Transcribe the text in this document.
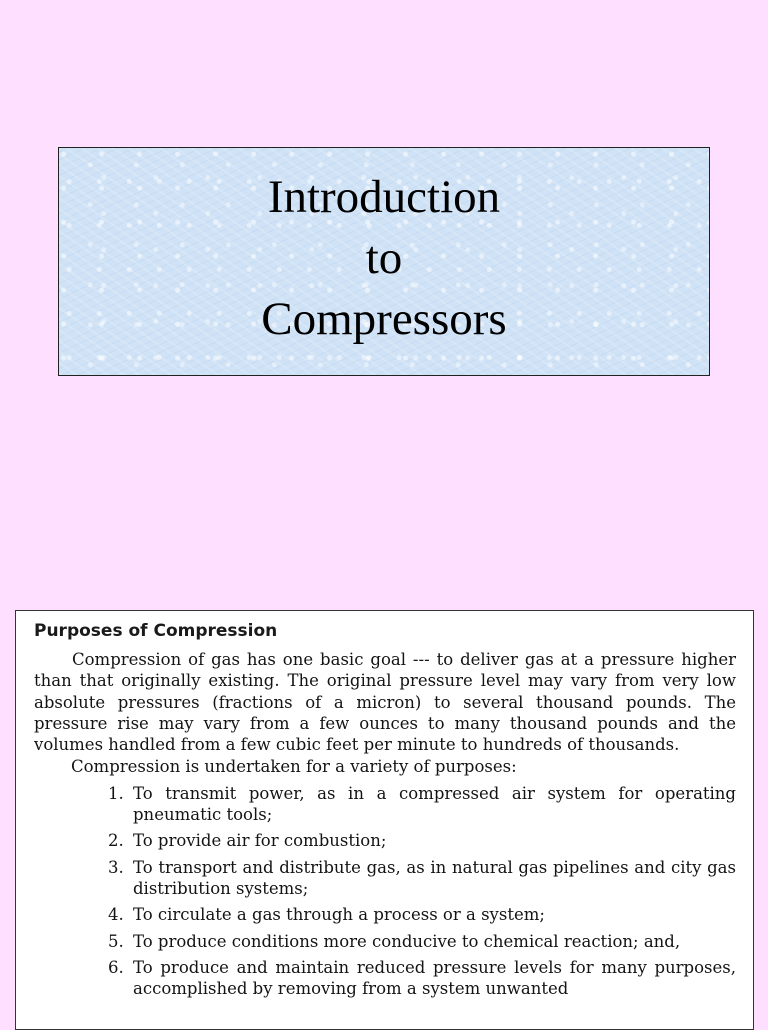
Introduction
to
Compressors
Purposes of Compression

Compression of gas has one basic goal --- to deliver gas at a pressure higher than that originally existing. The original pressure level may vary from very low absolute pressures (fractions of a micron) to several thousand pounds. The pressure rise may vary from a few ounces to many thousand pounds and the volumes handled from a few cubic feet per minute to hundreds of thousands.

Compression is undertaken for a variety of purposes:

1. To transmit power, as in a compressed air system for operating pneumatic tools;
2. To provide air for combustion;
3. To transport and distribute gas, as in natural gas pipelines and city gas distribution systems;
4. To circulate a gas through a process or a system;
5. To produce conditions more conducive to chemical reaction; and,
6. To produce and maintain reduced pressure levels for many purposes, accomplished by removing from a system unwanted
